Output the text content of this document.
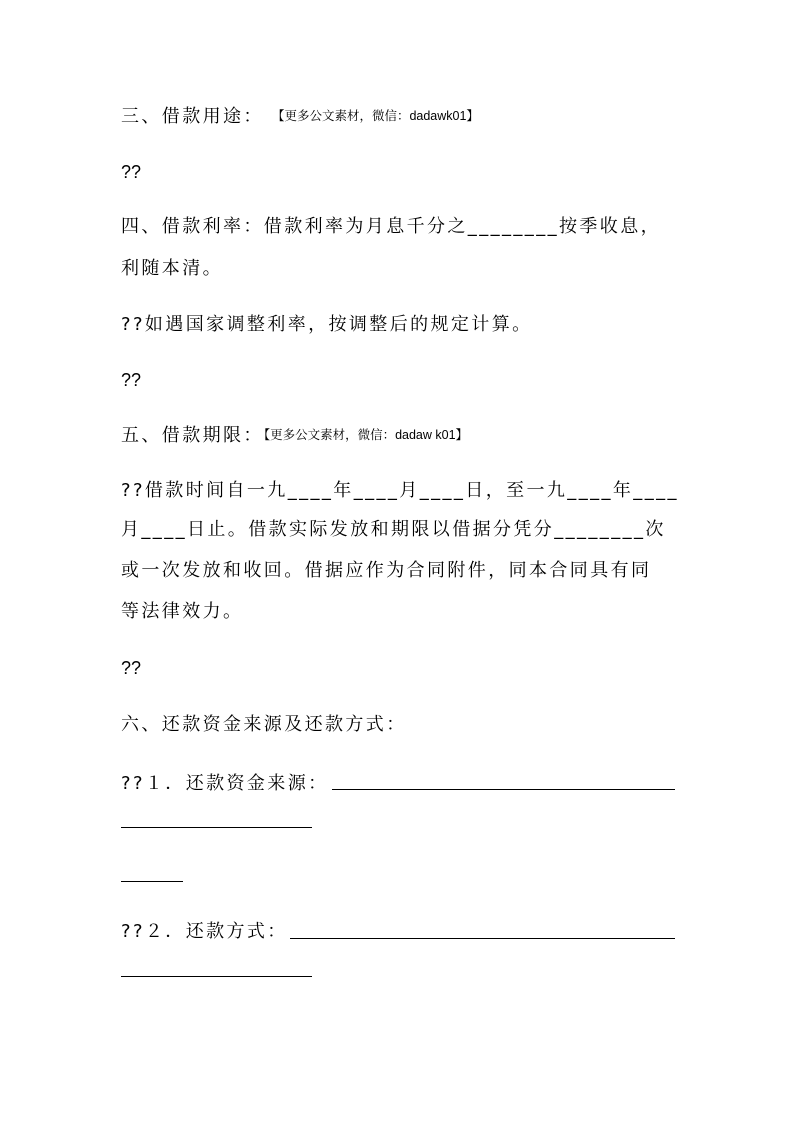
三、借款用途： 【更多公文素材，微信：dadawk01】
??
四、借款利率：借款利率为月息千分之________按季收息，
利随本清。
??如遇国家调整利率，按调整后的规定计算。
??
五、借款期限：【更多公文素材，微信：dadaw k01】
??借款时间自一九____年____月____日，至一九____年____
月____日止。借款实际发放和期限以借据分凭分________次
或一次发放和收回。借据应作为合同附件，同本合同具有同
等法律效力。
??
六、还款资金来源及还款方式：
??１．还款资金来源：
??２．还款方式：
